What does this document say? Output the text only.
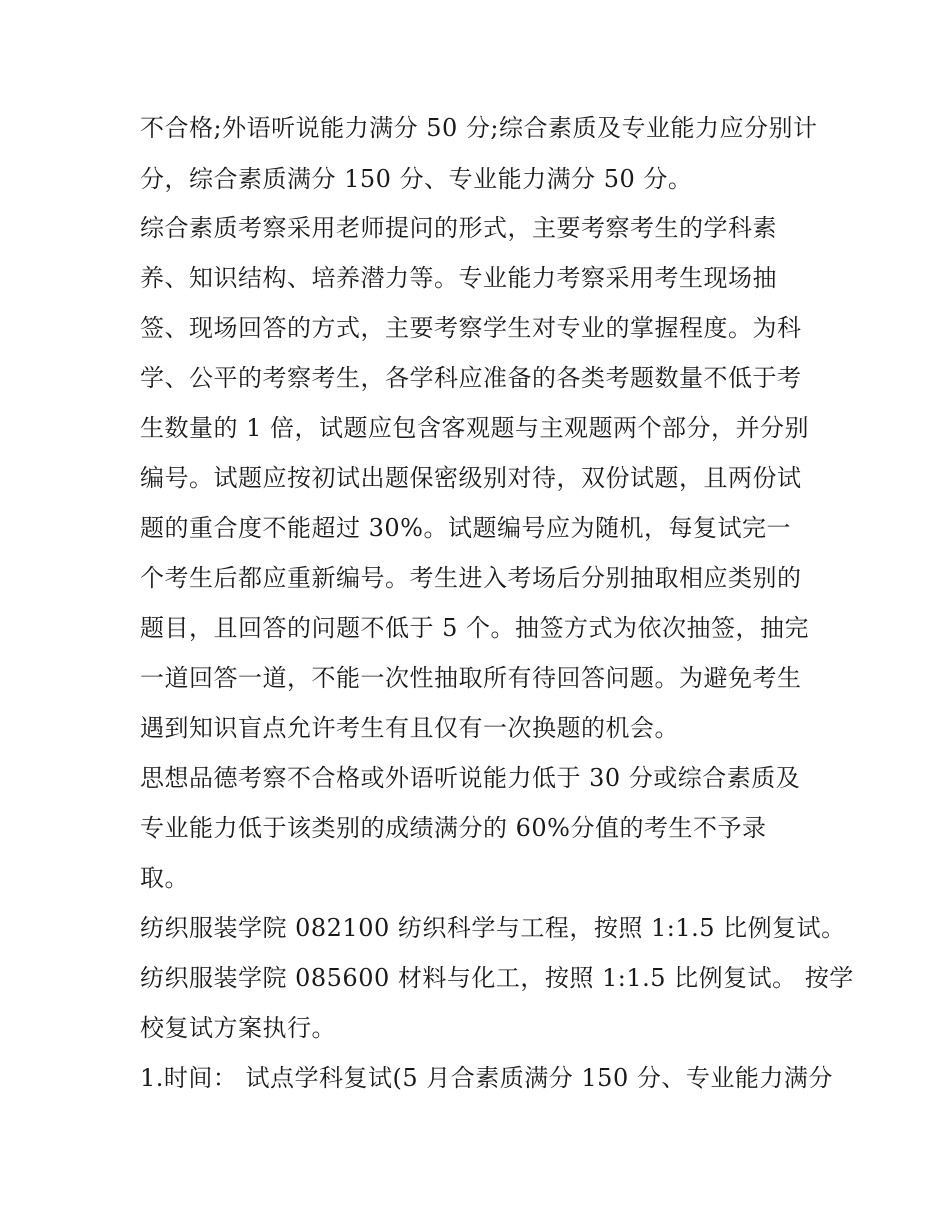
不合格;外语听说能力满分 50 分;综合素质及专业能力应分别计
分，综合素质满分 150 分、专业能力满分 50 分。
综合素质考察采用老师提问的形式，主要考察考生的学科素
养、知识结构、培养潜力等。专业能力考察采用考生现场抽
签、现场回答的方式，主要考察学生对专业的掌握程度。为科
学、公平的考察考生，各学科应准备的各类考题数量不低于考
生数量的 1 倍，试题应包含客观题与主观题两个部分，并分别
编号。试题应按初试出题保密级别对待，双份试题，且两份试
题的重合度不能超过 30%。试题编号应为随机，每复试完一
个考生后都应重新编号。考生进入考场后分别抽取相应类别的
题目，且回答的问题不低于 5 个。抽签方式为依次抽签，抽完
一道回答一道，不能一次性抽取所有待回答问题。为避免考生
遇到知识盲点允许考生有且仅有一次换题的机会。
思想品德考察不合格或外语听说能力低于 30 分或综合素质及
专业能力低于该类别的成绩满分的 60%分值的考生不予录
取。
纺织服装学院 082100 纺织科学与工程，按照 1:1.5 比例复试。
纺织服装学院 085600 材料与化工，按照 1:1.5 比例复试。 按学
校复试方案执行。
1.时间： 试点学科复试(5 月合素质满分 150 分、专业能力满分
